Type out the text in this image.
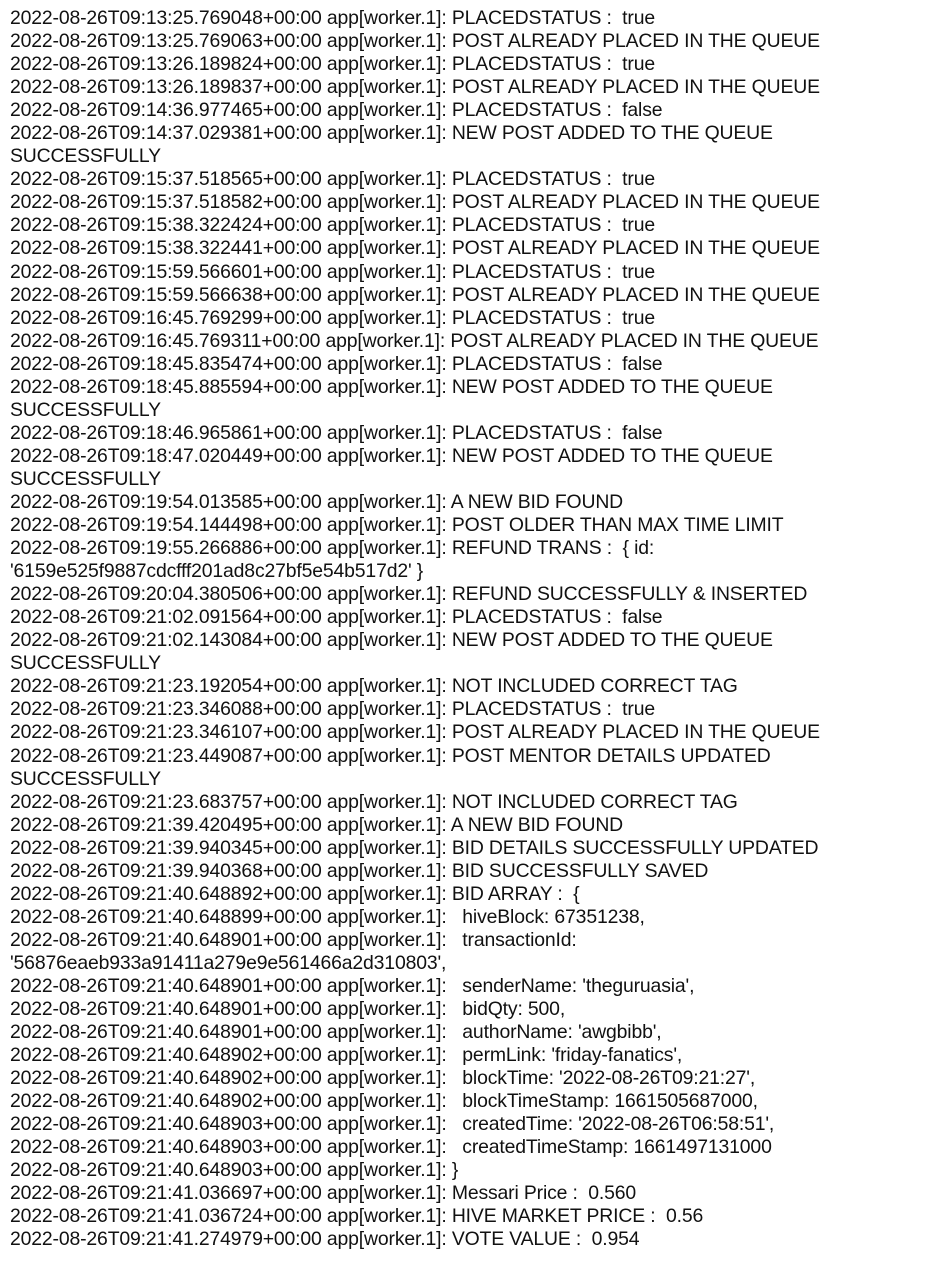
2022-08-26T09:13:25.769048+00:00 app[worker.1]: PLACEDSTATUS :  true
2022-08-26T09:13:25.769063+00:00 app[worker.1]: POST ALREADY PLACED IN THE QUEUE
2022-08-26T09:13:26.189824+00:00 app[worker.1]: PLACEDSTATUS :  true
2022-08-26T09:13:26.189837+00:00 app[worker.1]: POST ALREADY PLACED IN THE QUEUE
2022-08-26T09:14:36.977465+00:00 app[worker.1]: PLACEDSTATUS :  false
2022-08-26T09:14:37.029381+00:00 app[worker.1]: NEW POST ADDED TO THE QUEUE SUCCESSFULLY
2022-08-26T09:15:37.518565+00:00 app[worker.1]: PLACEDSTATUS :  true
2022-08-26T09:15:37.518582+00:00 app[worker.1]: POST ALREADY PLACED IN THE QUEUE
2022-08-26T09:15:38.322424+00:00 app[worker.1]: PLACEDSTATUS :  true
2022-08-26T09:15:38.322441+00:00 app[worker.1]: POST ALREADY PLACED IN THE QUEUE
2022-08-26T09:15:59.566601+00:00 app[worker.1]: PLACEDSTATUS :  true
2022-08-26T09:15:59.566638+00:00 app[worker.1]: POST ALREADY PLACED IN THE QUEUE
2022-08-26T09:16:45.769299+00:00 app[worker.1]: PLACEDSTATUS :  true
2022-08-26T09:16:45.769311+00:00 app[worker.1]: POST ALREADY PLACED IN THE QUEUE
2022-08-26T09:18:45.835474+00:00 app[worker.1]: PLACEDSTATUS :  false
2022-08-26T09:18:45.885594+00:00 app[worker.1]: NEW POST ADDED TO THE QUEUE SUCCESSFULLY
2022-08-26T09:18:46.965861+00:00 app[worker.1]: PLACEDSTATUS :  false
2022-08-26T09:18:47.020449+00:00 app[worker.1]: NEW POST ADDED TO THE QUEUE SUCCESSFULLY
2022-08-26T09:19:54.013585+00:00 app[worker.1]: A NEW BID FOUND
2022-08-26T09:19:54.144498+00:00 app[worker.1]: POST OLDER THAN MAX TIME LIMIT
2022-08-26T09:19:55.266886+00:00 app[worker.1]: REFUND TRANS :  { id: '6159e525f9887cdcfff201ad8c27bf5e54b517d2' }
2022-08-26T09:20:04.380506+00:00 app[worker.1]: REFUND SUCCESSFULLY & INSERTED
2022-08-26T09:21:02.091564+00:00 app[worker.1]: PLACEDSTATUS :  false
2022-08-26T09:21:02.143084+00:00 app[worker.1]: NEW POST ADDED TO THE QUEUE SUCCESSFULLY
2022-08-26T09:21:23.192054+00:00 app[worker.1]: NOT INCLUDED CORRECT TAG
2022-08-26T09:21:23.346088+00:00 app[worker.1]: PLACEDSTATUS :  true
2022-08-26T09:21:23.346107+00:00 app[worker.1]: POST ALREADY PLACED IN THE QUEUE
2022-08-26T09:21:23.449087+00:00 app[worker.1]: POST MENTOR DETAILS UPDATED SUCCESSFULLY
2022-08-26T09:21:23.683757+00:00 app[worker.1]: NOT INCLUDED CORRECT TAG
2022-08-26T09:21:39.420495+00:00 app[worker.1]: A NEW BID FOUND
2022-08-26T09:21:39.940345+00:00 app[worker.1]: BID DETAILS SUCCESSFULLY UPDATED
2022-08-26T09:21:39.940368+00:00 app[worker.1]: BID SUCCESSFULLY SAVED
2022-08-26T09:21:40.648892+00:00 app[worker.1]: BID ARRAY :  {
2022-08-26T09:21:40.648899+00:00 app[worker.1]:   hiveBlock: 67351238,
2022-08-26T09:21:40.648901+00:00 app[worker.1]:   transactionId: '56876eaeb933a91411a279e9e561466a2d310803',
2022-08-26T09:21:40.648901+00:00 app[worker.1]:   senderName: 'theguruasia',
2022-08-26T09:21:40.648901+00:00 app[worker.1]:   bidQty: 500,
2022-08-26T09:21:40.648901+00:00 app[worker.1]:   authorName: 'awgbibb',
2022-08-26T09:21:40.648902+00:00 app[worker.1]:   permLink: 'friday-fanatics',
2022-08-26T09:21:40.648902+00:00 app[worker.1]:   blockTime: '2022-08-26T09:21:27',
2022-08-26T09:21:40.648902+00:00 app[worker.1]:   blockTimeStamp: 1661505687000,
2022-08-26T09:21:40.648903+00:00 app[worker.1]:   createdTime: '2022-08-26T06:58:51',
2022-08-26T09:21:40.648903+00:00 app[worker.1]:   createdTimeStamp: 1661497131000
2022-08-26T09:21:40.648903+00:00 app[worker.1]: }
2022-08-26T09:21:41.036697+00:00 app[worker.1]: Messari Price :  0.560
2022-08-26T09:21:41.036724+00:00 app[worker.1]: HIVE MARKET PRICE :  0.56
2022-08-26T09:21:41.274979+00:00 app[worker.1]: VOTE VALUE :  0.954
